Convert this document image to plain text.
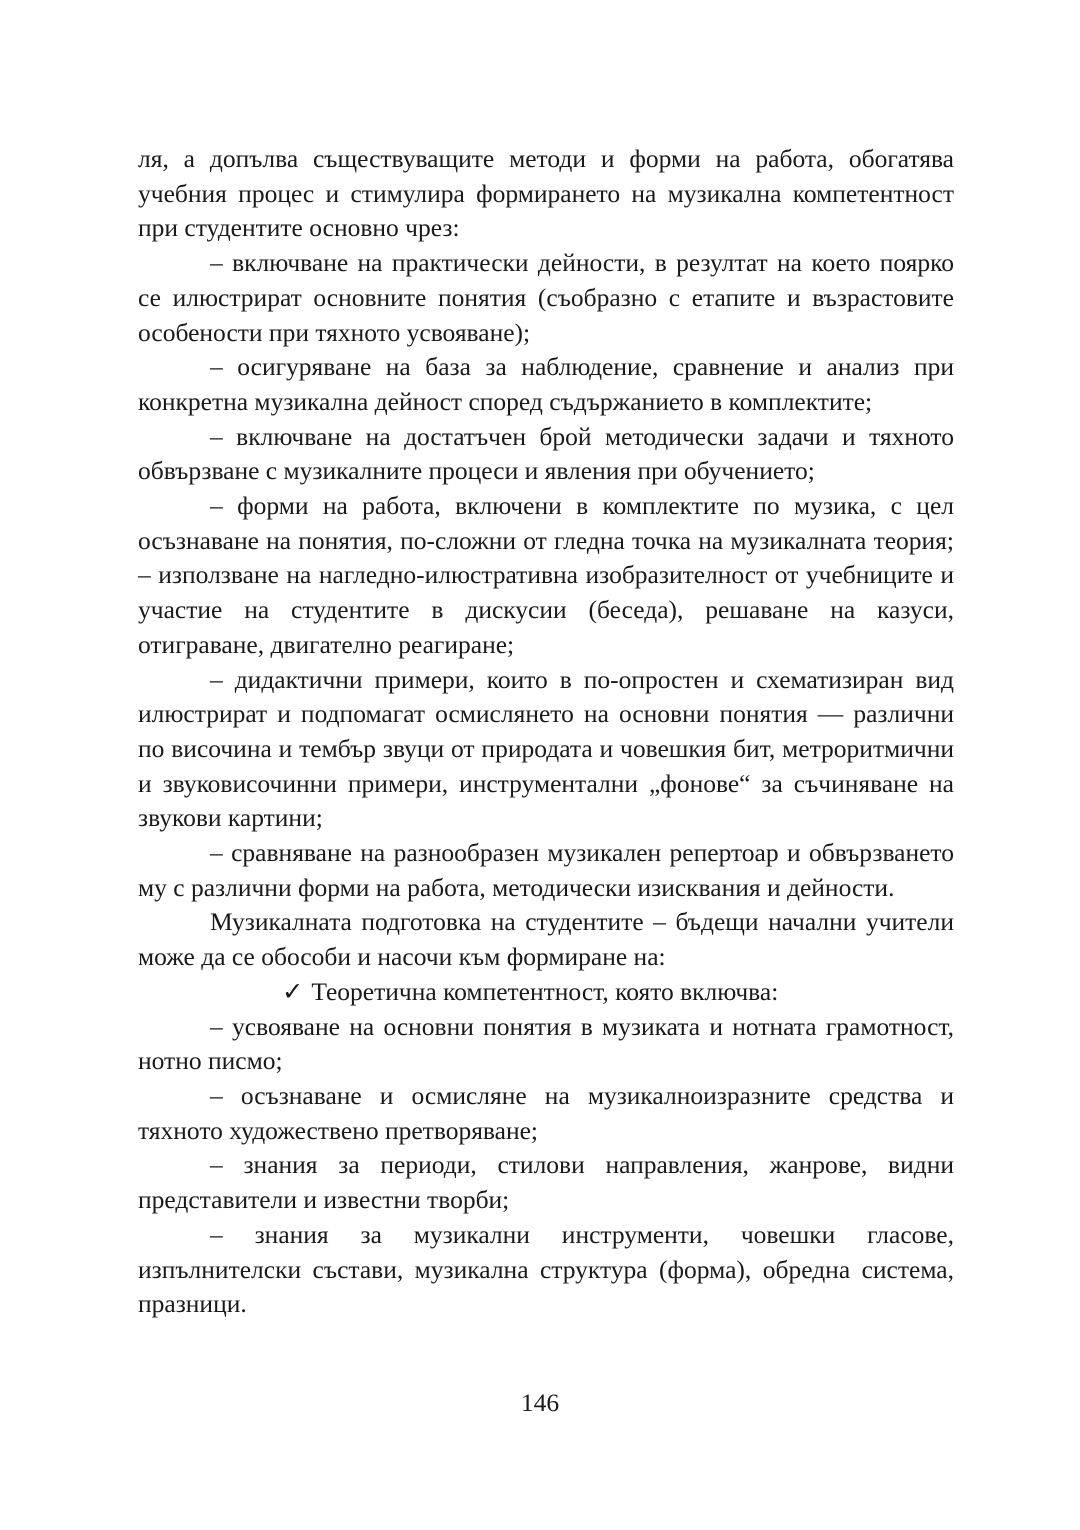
ля, а допълва съществуващите методи и форми на работа, обогатява учебния процес и стимулира формирането на музикална компетентност при студентите основно чрез:

– включване на практически дейности, в резултат на което поярко се илюстрират основните понятия (съобразно с етапите и възрастовите особености при тяхното усвояване);

– осигуряване на база за наблюдение, сравнение и анализ при конкретна музикална дейност според съдържанието в комплектите;

– включване на достатъчен брой методически задачи и тяхното обвързване с музикалните процеси и явления при обучението;

– форми на работа, включени в комплектите по музика, с цел осъзнаване на понятия, по-сложни от гледна точка на музикалната теория; – използване на нагледно-илюстративна изобразителност от учебниците и участие на студентите в дискусии (беседа), решаване на казуси, отиграване, двигателно реагиране;

– дидактични примери, които в по-опростен и схематизиран вид илюстрират и подпомагат осмислянето на основни понятия — различни по височина и тембър звуци от природата и човешкия бит, метроритмични и звуковисочинни примери, инструментални „фонове“ за съчиняване на звукови картини;

– сравняване на разнообразен музикален репертоар и обвързването му с различни форми на работа, методически изисквания и дейности.

Музикалната подготовка на студентите – бъдещи начални учители може да се обособи и насочи към формиране на:

✓ Теоретична компетентност, която включва:

– усвояване на основни понятия в музиката и нотната грамотност, нотно писмо;

– осъзнаване и осмисляне на музикалноизразните средства и тяхното художествено претворяване;

– знания за периоди, стилови направления, жанрове, видни представители и известни творби;

– знания за музикални инструменти, човешки гласове, изпълнителски състави, музикална структура (форма), обредна система, празници.

146
